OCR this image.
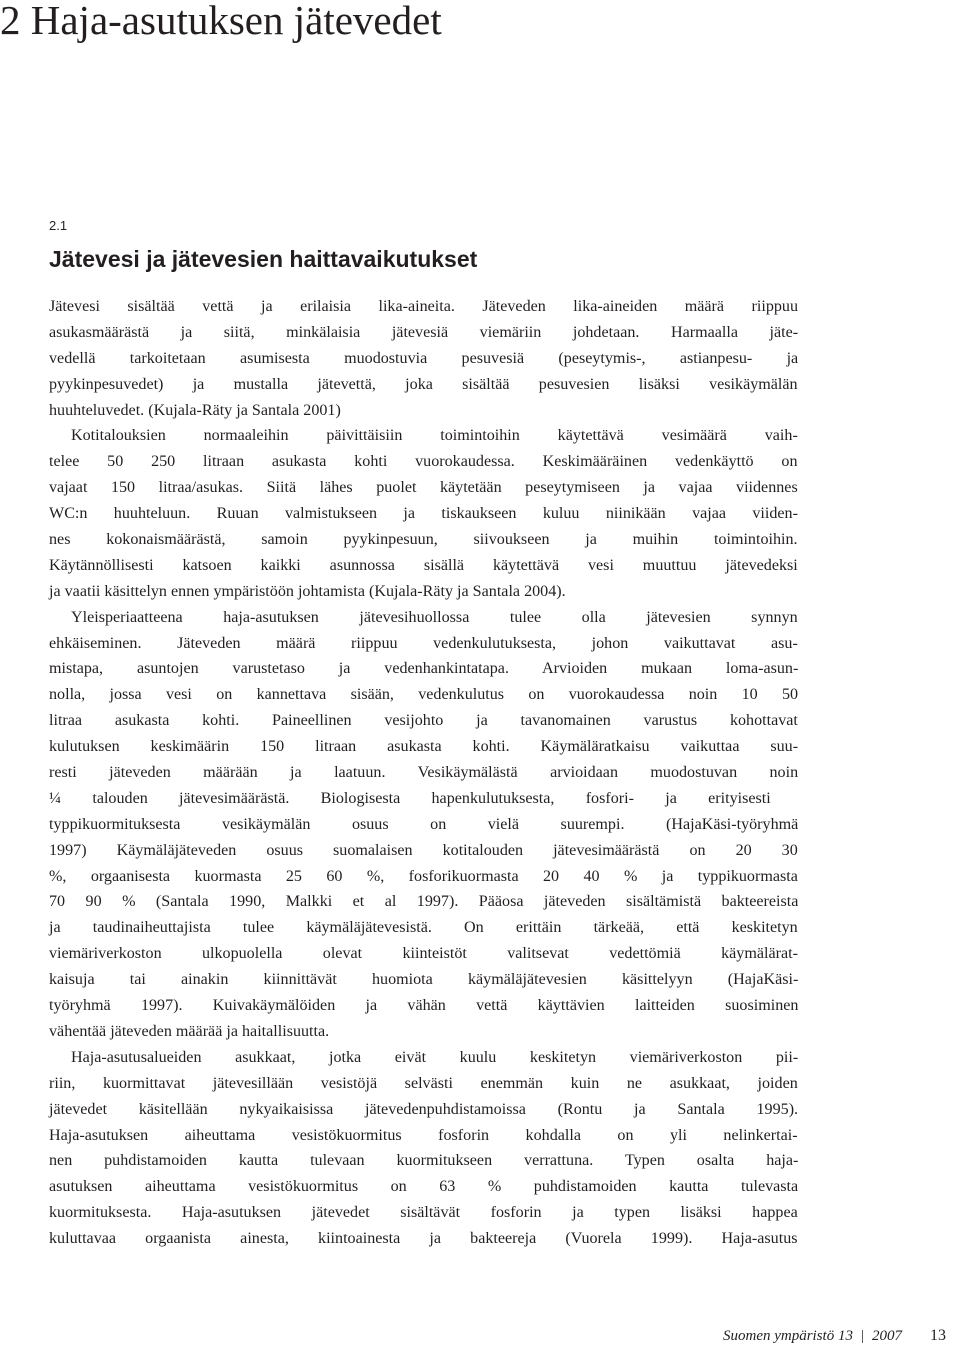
2 Haja-asutuksen jätevedet
2.1
Jätevesi ja jätevesien haittavaikutukset
Jätevesi sisältää vettä ja erilaisia lika-aineita. Jäteveden lika-aineiden määrä riippuu
asukasmäärästä ja siitä, minkälaisia jätevesiä viemäriin johdetaan. Harmaalla jäte-
vedellä tarkoitetaan asumisesta muodostuvia pesuvesiä (peseytymis-, astianpesu- ja
pyykinpesuvedet) ja mustalla jätevettä, joka sisältää pesuvesien lisäksi vesikäymälän
huuhteluvedet. (Kujala-Räty ja Santala 2001)
Kotitalouksien normaaleihin päivittäisiin toimintoihin käytettävä vesimäärä vaih-
telee 50 250 litraan asukasta kohti vuorokaudessa. Keskimääräinen vedenkäyttö on
vajaat 150 litraa/asukas. Siitä lähes puolet käytetään peseytymiseen ja vajaa viidennes
WC:n huuhteluun. Ruuan valmistukseen ja tiskaukseen kuluu niinikään vajaa viiden-
nes kokonaismäärästä, samoin pyykinpesuun, siivoukseen ja muihin toimintoihin.
Käytännöllisesti katsoen kaikki asunnossa sisällä käytettävä vesi muuttuu jätevedeksi
ja vaatii käsittelyn ennen ympäristöön johtamista (Kujala-Räty ja Santala 2004).
Yleisperiaatteena haja-asutuksen jätevesihuollossa tulee olla jätevesien synnyn
ehkäiseminen. Jäteveden määrä riippuu vedenkulutuksesta, johon vaikuttavat asu-
mistapa, asuntojen varustetaso ja vedenhankintatapa. Arvioiden mukaan loma-asun-
nolla, jossa vesi on kannettava sisään, vedenkulutus on vuorokaudessa noin 10 50
litraa asukasta kohti. Paineellinen vesijohto ja tavanomainen varustus kohottavat
kulutuksen keskimäärin 150 litraan asukasta kohti. Käymäläratkaisu vaikuttaa suu-
resti jäteveden määrään ja laatuun. Vesikäymälästä arvioidaan muodostuvan noin
¼ talouden jätevesimäärästä. Biologisesta hapenkulutuksesta, fosfori- ja erityisesti
typpikuormituksesta vesikäymälän osuus on vielä suurempi. (HajaKäsi-työryhmä
1997) Käymäläjäteveden osuus suomalaisen kotitalouden jätevesimäärästä on 20 30
%, orgaanisesta kuormasta 25 60 %, fosforikuormasta 20 40 % ja typpikuormasta
70 90 % (Santala 1990, Malkki et al 1997). Pääosa jäteveden sisältämistä bakteereista
ja taudinaiheuttajista tulee käymäläjätevesistä. On erittäin tärkeää, että keskitetyn
viemäriverkoston ulkopuolella olevat kiinteistöt valitsevat vedettömiä käymälärat-
kaisuja tai ainakin kiinnittävät huomiota käymäläjätevesien käsittelyyn (HajaKäsi-
työryhmä 1997). Kuivakäymälöiden ja vähän vettä käyttävien laitteiden suosiminen
vähentää jäteveden määrää ja haitallisuutta.
Haja-asutusalueiden asukkaat, jotka eivät kuulu keskitetyn viemäriverkoston pii-
riin, kuormittavat jätevesillään vesistöjä selvästi enemmän kuin ne asukkaat, joiden
jätevedet käsitellään nykyaikaisissa jätevedenpuhdistamoissa (Rontu ja Santala 1995).
Haja-asutuksen aiheuttama vesistökuormitus fosforin kohdalla on yli nelinkertai-
nen puhdistamoiden kautta tulevaan kuormitukseen verrattuna. Typen osalta haja-
asutuksen aiheuttama vesistökuormitus on 63 % puhdistamoiden kautta tulevasta
kuormituksesta. Haja-asutuksen jätevedet sisältävät fosforin ja typen lisäksi happea
kuluttavaa orgaanista ainesta, kiintoainesta ja bakteereja (Vuorela 1999). Haja-asutus
Suomen ympäristö 13 | 2007 13
